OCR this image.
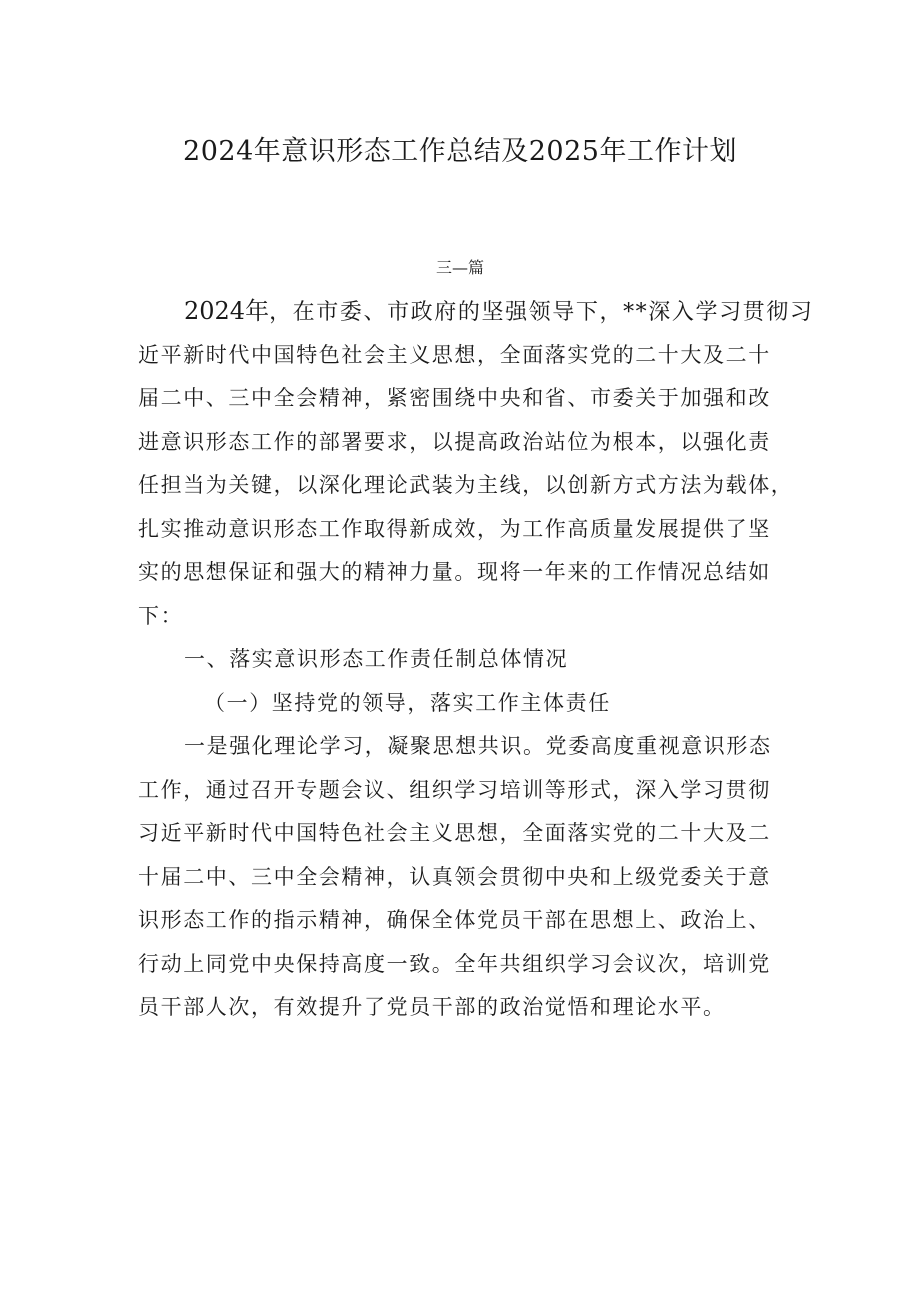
2024年意识形态工作总结及2025年工作计划
三—篇

2024年，在市委、市政府的坚强领导下，**深入学习贯彻习

近平新时代中国特色社会主义思想，全面落实党的二十大及二十

届二中、三中全会精神，紧密围绕中央和省、市委关于加强和改

进意识形态工作的部署要求，以提高政治站位为根本，以强化责

任担当为关键，以深化理论武装为主线，以创新方式方法为载体，

扎实推动意识形态工作取得新成效，为工作高质量发展提供了坚

实的思想保证和强大的精神力量。现将一年来的工作情况总结如

下：

一、落实意识形态工作责任制总体情况

（一）坚持党的领导，落实工作主体责任

一是强化理论学习，凝聚思想共识。党委高度重视意识形态

工作，通过召开专题会议、组织学习培训等形式，深入学习贯彻

习近平新时代中国特色社会主义思想，全面落实党的二十大及二

十届二中、三中全会精神，认真领会贯彻中央和上级党委关于意

识形态工作的指示精神，确保全体党员干部在思想上、政治上、

行动上同党中央保持高度一致。全年共组织学习会议次，培训党

员干部人次，有效提升了党员干部的政治觉悟和理论水平。
